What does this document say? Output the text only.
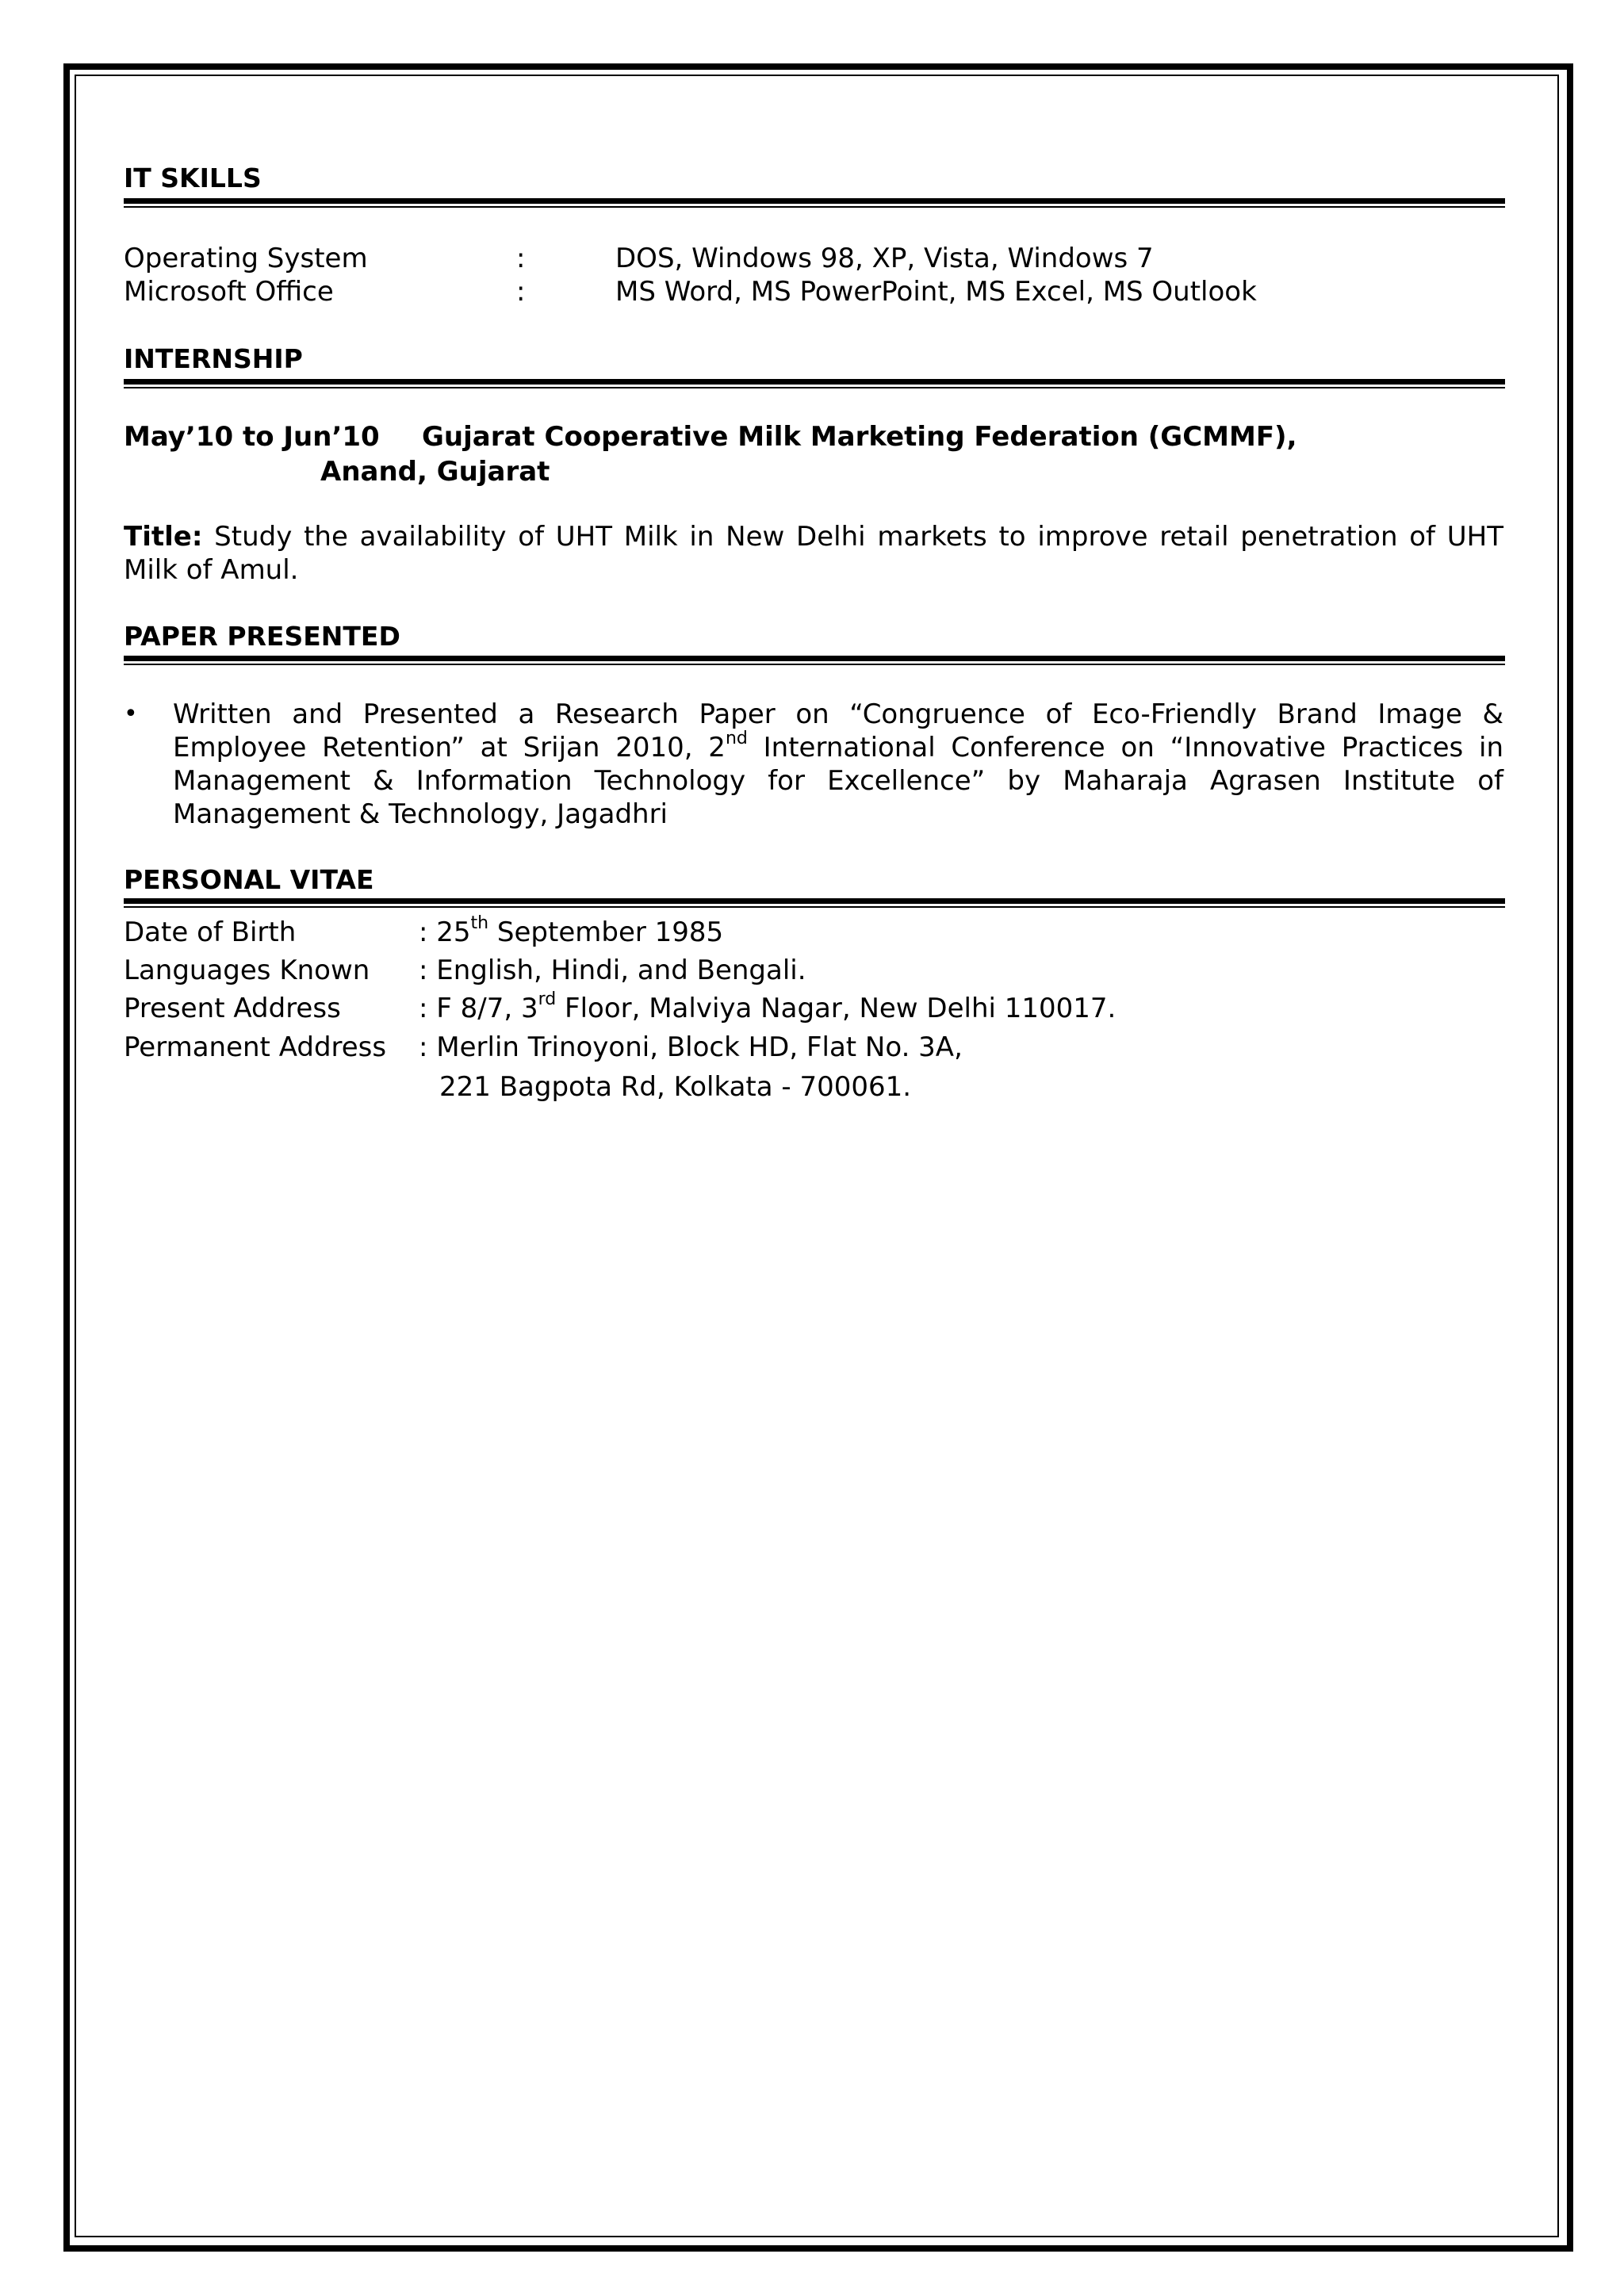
IT SKILLS
Operating System	:	DOS, Windows 98, XP, Vista, Windows 7
Microsoft Office	:	MS Word, MS PowerPoint, MS Excel, MS Outlook
INTERNSHIP
May’10 to Jun’10 Gujarat Cooperative Milk Marketing Federation (GCMMF),
Anand, Gujarat
Title: Study the availability of UHT Milk in New Delhi markets to improve retail penetration of UHT
Milk of Amul.
PAPER PRESENTED
• Written and Presented a Research Paper on “Congruence of Eco-Friendly Brand Image &
Employee Retention” at Srijan 2010, 2nd International Conference on “Innovative Practices in
Management & Information Technology for Excellence” by Maharaja Agrasen Institute of
Management & Technology, Jagadhri
PERSONAL VITAE
Date of Birth	: 25th September 1985
Languages Known : English, Hindi, and Bengali.
Present Address	: F 8/7, 3rd Floor, Malviya Nagar, New Delhi 110017.
Permanent Address : Merlin Trinoyoni, Block HD, Flat No. 3A,
221 Bagpota Rd, Kolkata - 700061.
